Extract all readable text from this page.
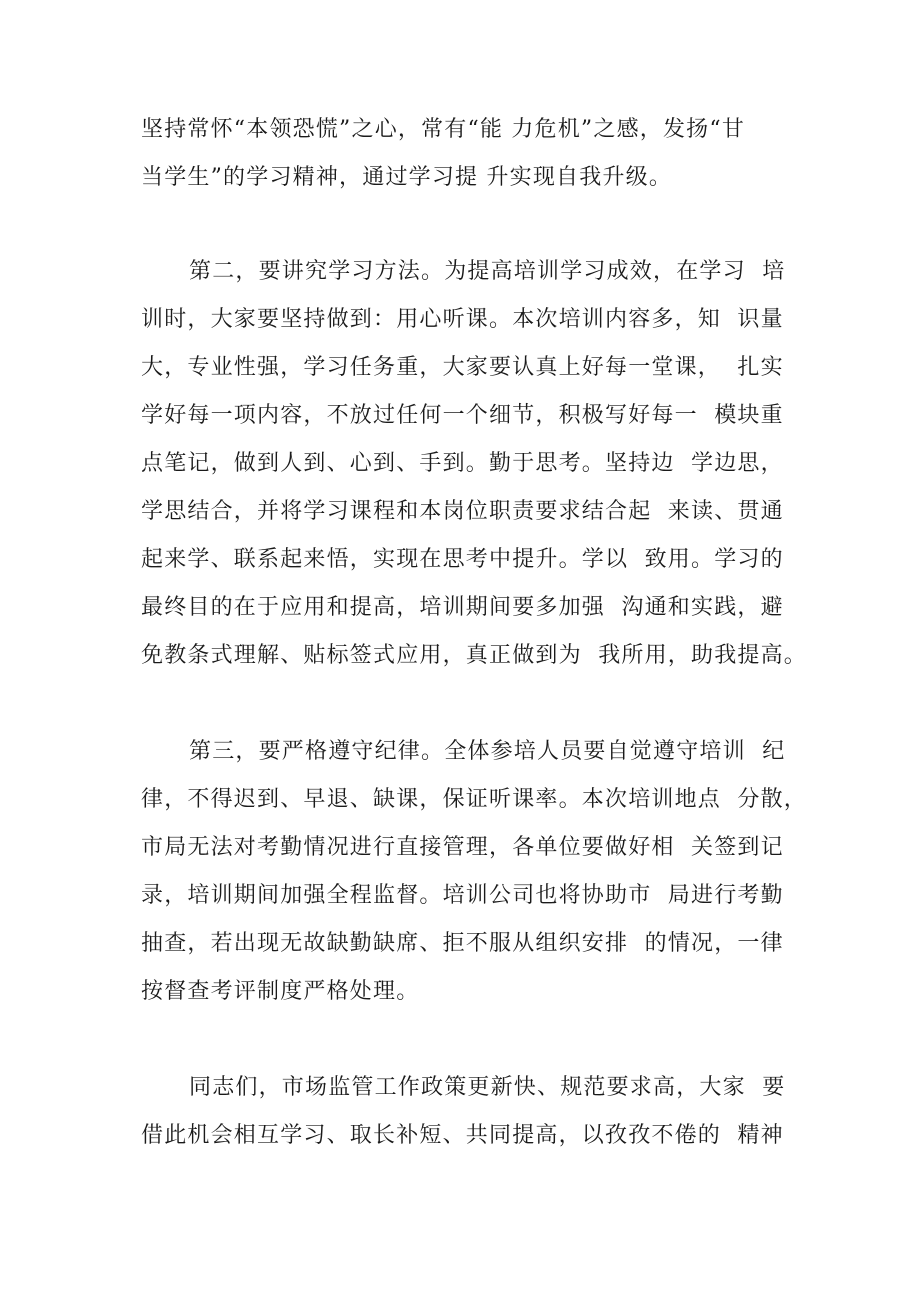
坚持常怀“本领恐慌”之心，常有“能 力危机”之感，发扬“甘
当学生”的学习精神，通过学习提 升实现自我升级。
第二，要讲究学习方法。为提高培训学习成效，在学习  培
训时，大家要坚持做到：用心听课。本次培训内容多，知  识量
大，专业性强，学习任务重，大家要认真上好每一堂课，  扎实
学好每一项内容，不放过任何一个细节，积极写好每一  模块重
点笔记，做到人到、心到、手到。勤于思考。坚持边  学边思，
学思结合，并将学习课程和本岗位职责要求结合起  来读、贯通
起来学、联系起来悟，实现在思考中提升。学以  致用。学习的
最终目的在于应用和提高，培训期间要多加强  沟通和实践，避
免教条式理解、贴标签式应用，真正做到为  我所用，助我提高。
第三，要严格遵守纪律。全体参培人员要自觉遵守培训  纪
律，不得迟到、早退、缺课，保证听课率。本次培训地点  分散，
市局无法对考勤情况进行直接管理，各单位要做好相  关签到记
录，培训期间加强全程监督。培训公司也将协助市  局进行考勤
抽查，若出现无故缺勤缺席、拒不服从组织安排  的情况，一律
按督查考评制度严格处理。
同志们，市场监管工作政策更新快、规范要求高，大家  要
借此机会相互学习、取长补短、共同提高，以孜孜不倦的  精神
